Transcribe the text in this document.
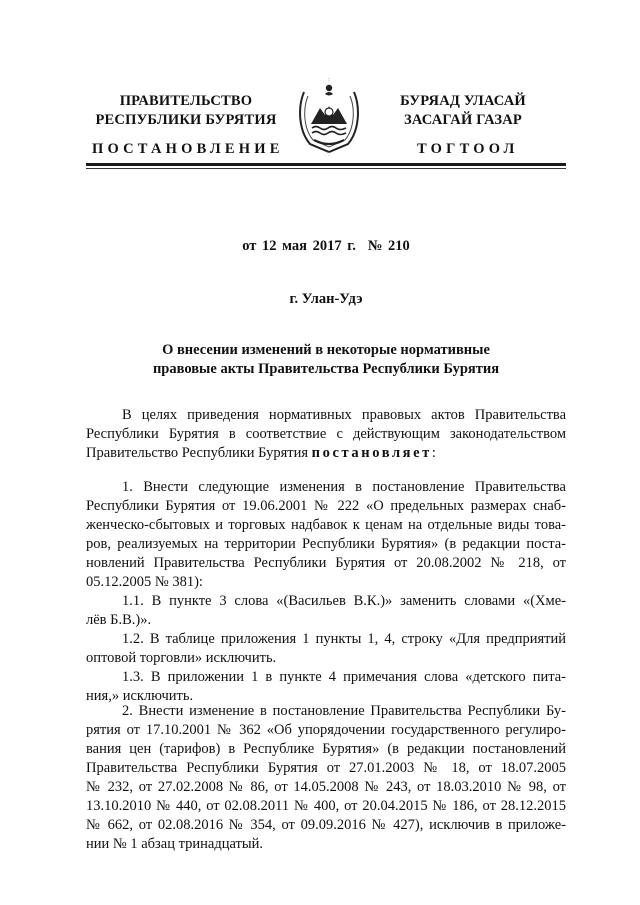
ПРАВИТЕЛЬСТВО
РЕСПУБЛИКИ БУРЯТИЯ
БУРЯАД УЛАСАЙ
ЗАСАГАЙ ГАЗАР
ПОСТАНОВЛЕНИЕ	ТОГТООЛ
от 12 мая 2017 г. № 210
г. Улан-Удэ
О внесении изменений в некоторые нормативные
правовые акты Правительства Республики Бурятия
В целях приведения нормативных правовых актов Правительства
Республики Бурятия в соответствие с действующим законодательством
Правительство Республики Бурятия постановляет:
1. Внести следующие изменения в постановление Правительства
Республики Бурятия от 19.06.2001 № 222 «О предельных размерах снаб-
женческо-сбытовых и торговых надбавок к ценам на отдельные виды това-
ров, реализуемых на территории Республики Бурятия» (в редакции поста-
новлений Правительства Республики Бурятия от 20.08.2002 № 218, от
05.12.2005 № 381):
1.1. В пункте 3 слова «(Васильев В.К.)» заменить словами «(Хме-
лёв Б.В.)».
1.2. В таблице приложения 1 пункты 1, 4, строку «Для предприятий
оптовой торговли» исключить.
1.3. В приложении 1 в пункте 4 примечания слова «детского пита-
ния,» исключить.
2. Внести изменение в постановление Правительства Республики Бу-
рятия от 17.10.2001 № 362 «Об упорядочении государственного регулиро-
вания цен (тарифов) в Республике Бурятия» (в редакции постановлений
Правительства Республики Бурятия от 27.01.2003 № 18, от 18.07.2005
№ 232, от 27.02.2008 № 86, от 14.05.2008 № 243, от 18.03.2010 № 98, от
13.10.2010 № 440, от 02.08.2011 № 400, от 20.04.2015 № 186, от 28.12.2015
№ 662, от 02.08.2016 № 354, от 09.09.2016 № 427), исключив в приложе-
нии № 1 абзац тринадцатый.
